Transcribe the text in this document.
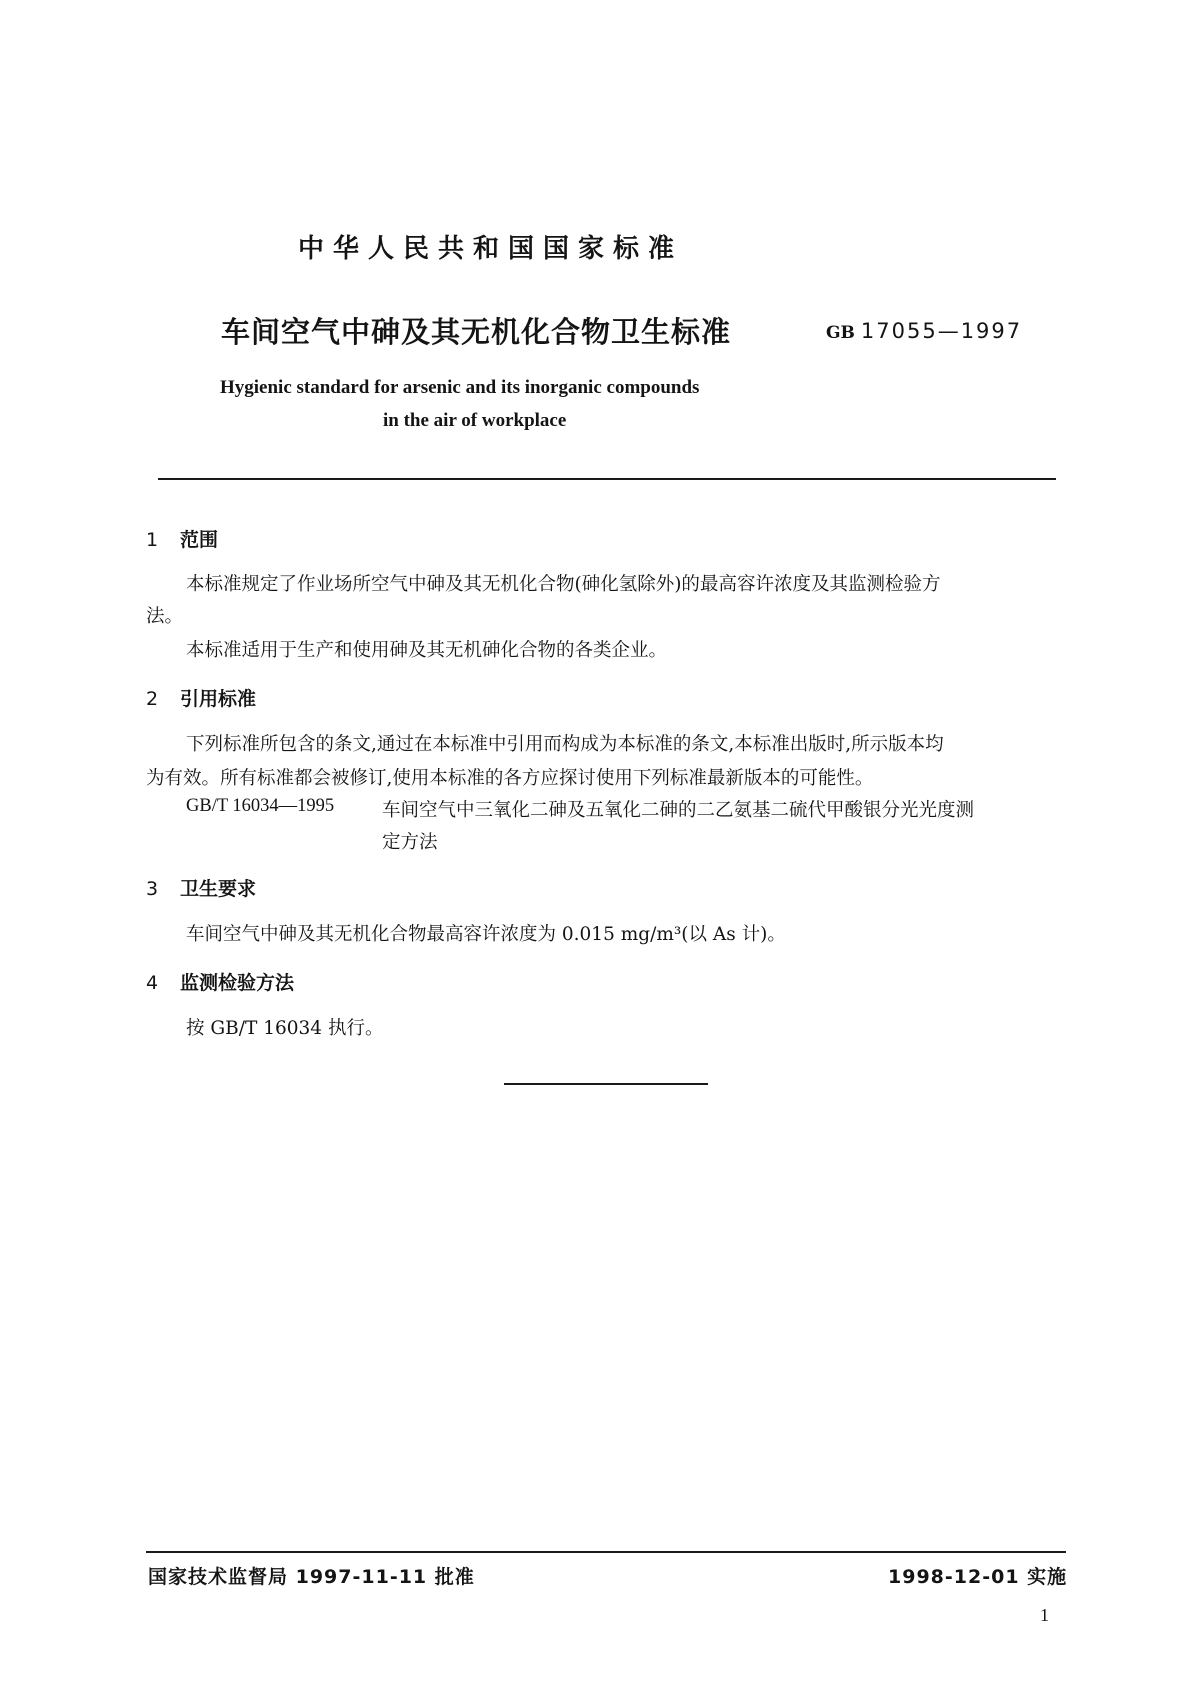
中华人民共和国国家标准
车间空气中砷及其无机化合物卫生标准	GB 17055—1997
Hygienic standard for arsenic and its inorganic compounds
in the air of workplace
1 范围
本标准规定了作业场所空气中砷及其无机化合物(砷化氢除外)的最高容许浓度及其监测检验方
法。
本标准适用于生产和使用砷及其无机砷化合物的各类企业。
2 引用标准
下列标准所包含的条文,通过在本标准中引用而构成为本标准的条文,本标准出版时,所示版本均
为有效。所有标准都会被修订,使用本标准的各方应探讨使用下列标准最新版本的可能性。
GB/T 16034—1995	车间空气中三氧化二砷及五氧化二砷的二乙氨基二硫代甲酸银分光光度测
定方法
3 卫生要求
车间空气中砷及其无机化合物最高容许浓度为 0.015 mg/m³(以 As 计)。
4 监测检验方法
按 GB/T 16034 执行。
国家技术监督局 1997-11-11 批准	1998-12-01 实施
1
